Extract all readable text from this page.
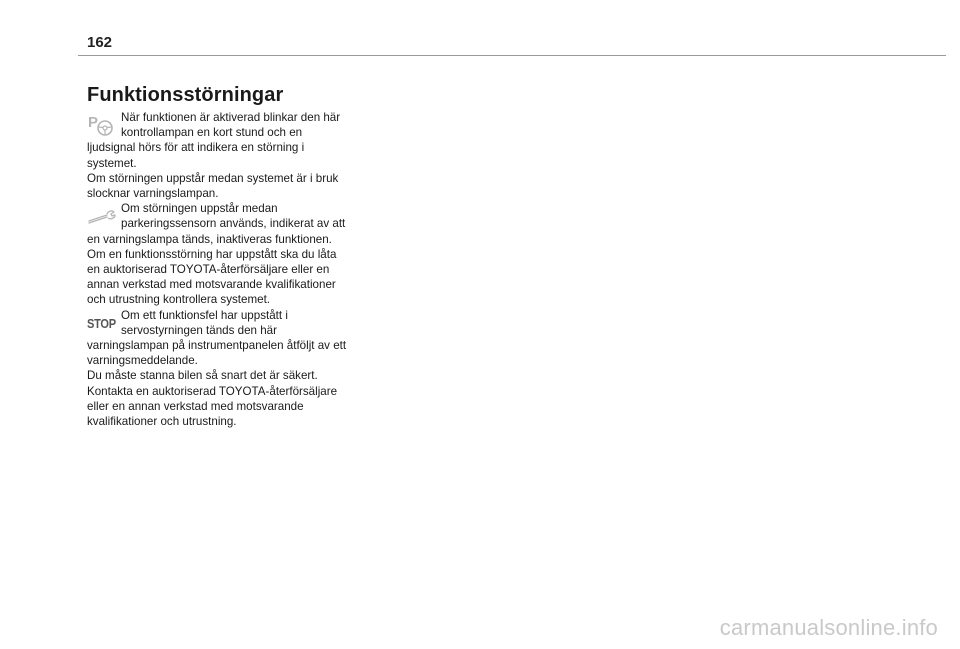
162
Funktionsstörningar

P När funktionen är aktiverad blinkar den här kontrollampan en kort stund och en ljudsignal hörs för att indikera en störning i systemet.

Om störningen uppstår medan systemet är i bruk slocknar varningslampan.

Om störningen uppstår medan parkeringssensorn används, indikerat av att en varningslampa tänds, inaktiveras funktionen.

Om en funktionsstörning har uppstått ska du låta en auktoriserad TOYOTA-återförsäljare eller en annan verkstad med motsvarande kvalifikationer och utrustning kontrollera systemet.

STOP
Om ett funktionsfel har uppstått i servostyrningen tänds den här varningslampan på instrumentpanelen åtföljt av ett varningsmeddelande.

Du måste stanna bilen så snart det är säkert. Kontakta en auktoriserad TOYOTA-återförsäljare eller en annan verkstad med motsvarande kvalifikationer och utrustning.

carmanualsonline.info
